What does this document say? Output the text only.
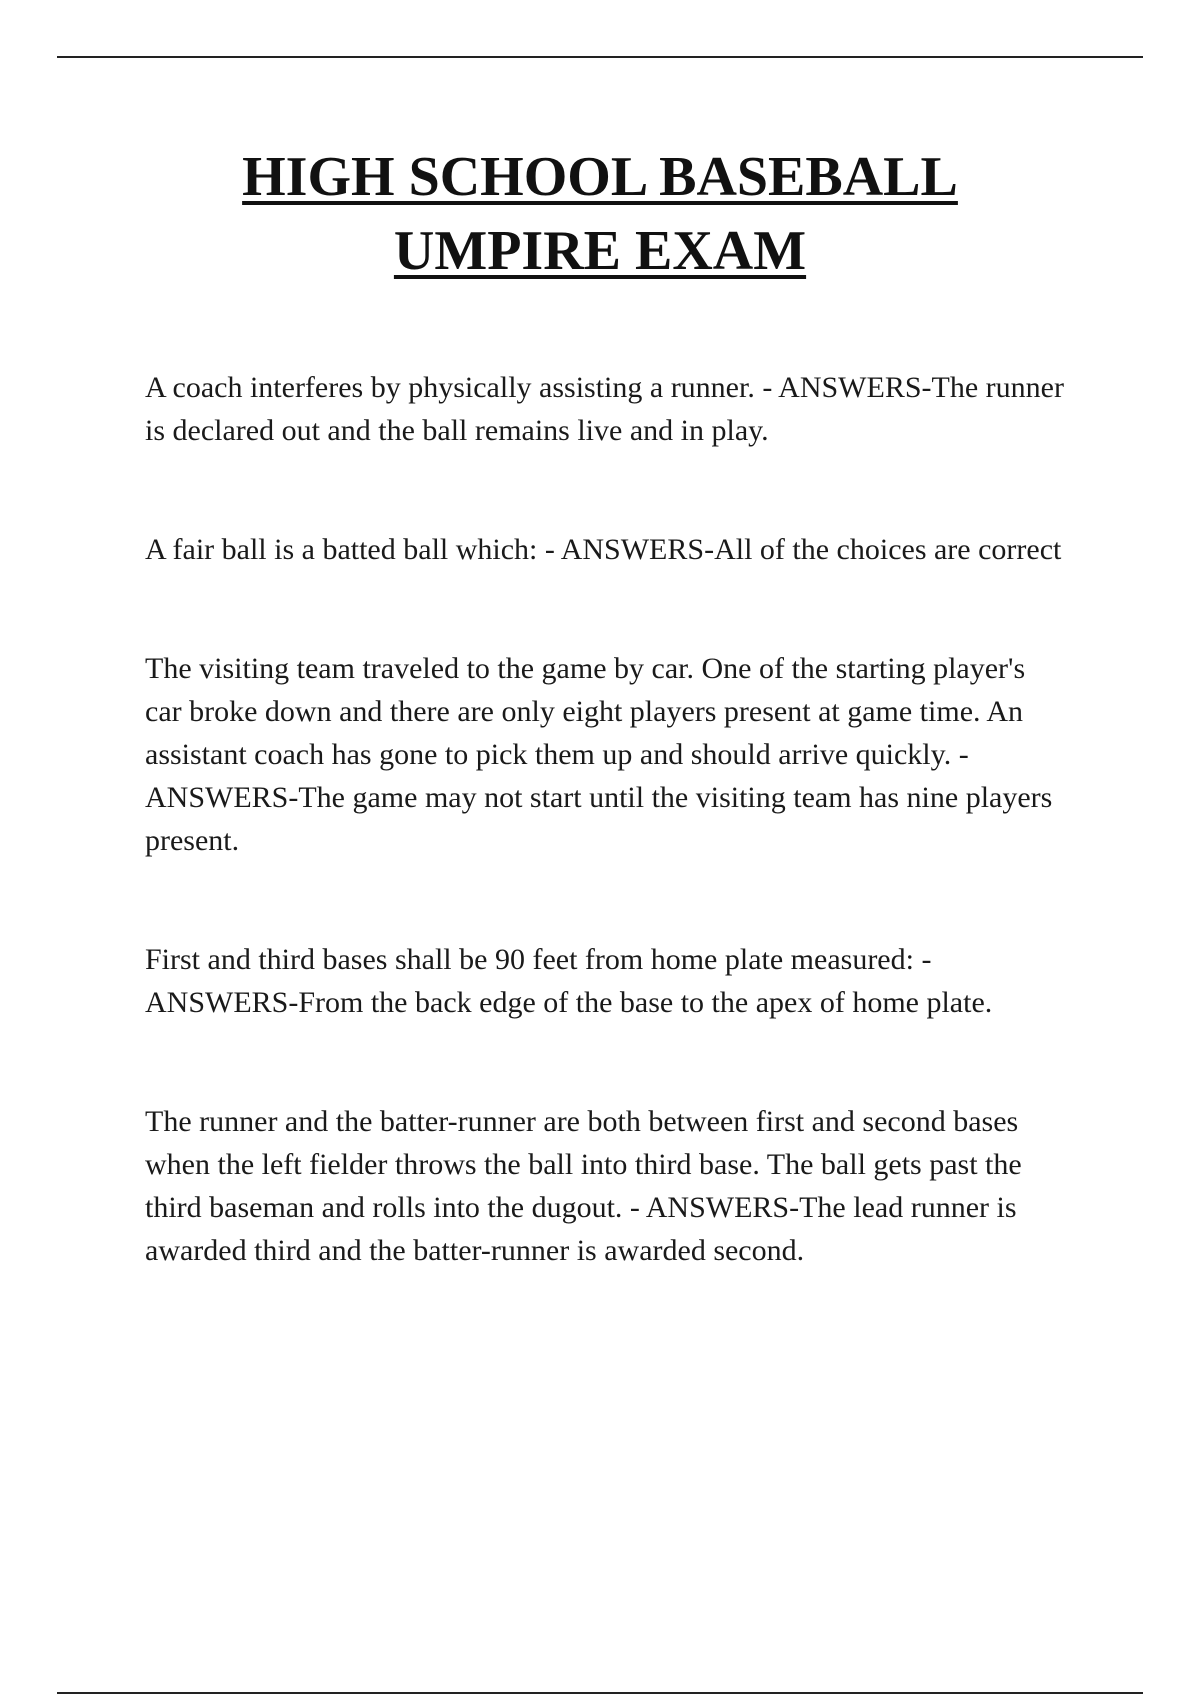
HIGH SCHOOL BASEBALL
UMPIRE EXAM

A coach interferes by physically assisting a runner. - ANSWERS-The runner is declared out and the ball remains live and in play.

A fair ball is a batted ball which: - ANSWERS-All of the choices are correct

The visiting team traveled to the game by car. One of the starting player's car broke down and there are only eight players present at game time. An assistant coach has gone to pick them up and should arrive quickly. - ANSWERS-The game may not start until the visiting team has nine players present.

First and third bases shall be 90 feet from home plate measured: - ANSWERS-From the back edge of the base to the apex of home plate.

The runner and the batter-runner are both between first and second bases when the left fielder throws the ball into third base. The ball gets past the third baseman and rolls into the dugout. - ANSWERS-The lead runner is awarded third and the batter-runner is awarded second.
